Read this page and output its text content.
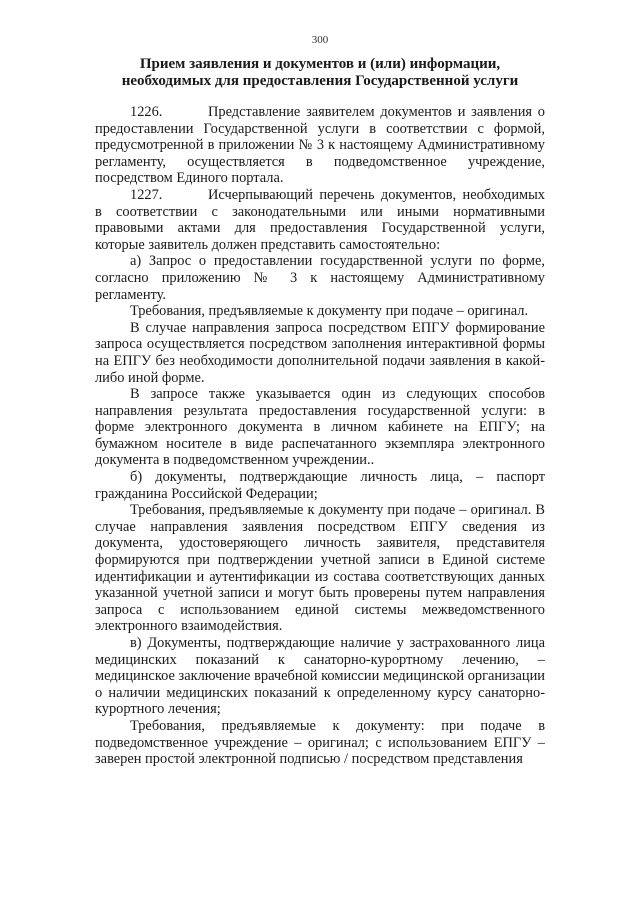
300
Прием заявления и документов и (или) информации, необходимых для предоставления Государственной услуги

1226.	Представление заявителем документов и заявления о предоставлении Государственной услуги в соответствии с формой, предусмотренной в приложении № 3 к настоящему Административному регламенту, осуществляется в подведомственное учреждение, посредством Единого портала.

1227.	Исчерпывающий перечень документов, необходимых в соответствии с законодательными или иными нормативными правовыми актами для предоставления Государственной услуги, которые заявитель должен представить самостоятельно:

а) Запрос о предоставлении государственной услуги по форме, согласно приложению № 3 к настоящему Административному регламенту.

Требования, предъявляемые к документу при подаче – оригинал.

В случае направления запроса посредством ЕПГУ формирование запроса осуществляется посредством заполнения интерактивной формы на ЕПГУ без необходимости дополнительной подачи заявления в какой-либо иной форме.

В запросе также указывается один из следующих способов направления результата предоставления государственной услуги: в форме электронного документа в личном кабинете на ЕПГУ; на бумажном носителе в виде распечатанного экземпляра электронного документа в подведомственном учреждении..

б) документы, подтверждающие личность лица, – паспорт гражданина Российской Федерации;

Требования, предъявляемые к документу при подаче – оригинал. В случае направления заявления посредством ЕПГУ сведения из документа, удостоверяющего личность заявителя, представителя формируются при подтверждении учетной записи в Единой системе идентификации и аутентификации из состава соответствующих данных указанной учетной записи и могут быть проверены путем направления запроса с использованием единой системы межведомственного электронного взаимодействия.

в) Документы, подтверждающие наличие у застрахованного лица медицинских показаний к санаторно-курортному лечению, – медицинское заключение врачебной комиссии медицинской организации о наличии медицинских показаний к определенному курсу санаторно-курортного лечения;

Требования, предъявляемые к документу: при подаче в подведомственное учреждение – оригинал; с использованием ЕПГУ – заверен простой электронной подписью / посредством представления
